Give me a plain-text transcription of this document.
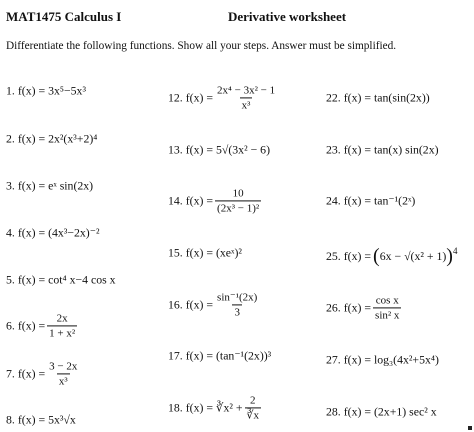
MAT1475 Calculus I	Derivative worksheet
Differentiate the following functions. Show all your steps. Answer must be simplified.
1. f(x) = 3x⁵−5x³
2. f(x) = 2x²(x³+2)⁴
3. f(x) = eˣ sin(2x)
4. f(x) = (4x³−2x)⁻²
5. f(x) = cot⁴ x−4 cos x
6. $f(x) = \frac{2x}{\text{1 + x²}}$
7. $f(x) = \frac{3 - 2x}{\text{x³}}$
8. f(x) = 5x³√x
12. $f(x) = \frac{\text{2x⁴ − 3x² − 1}}{\text{x³}}$
13. f(x) = 5√(3x² − 6)
14. $f(x) = \frac{10}{\text{(2x³ − 1)²}}$
15. f(x) = (xeˣ)²
16. $f(x) = \frac{\text{sin⁻¹(2x)}}{3}$
17. f(x) = (tan⁻¹(2x))³
18. f(x) = ∛x² + $\frac{2}{∛x}$
22. f(x) = tan(sin(2x))
23. f(x) = tan(x) sin(2x)
24. f(x) = tan⁻¹(2ˣ)
25. f(x) = ( 6x − √(x² + 1) )$^4$
26. $f(x) = \frac{\text{cos x}}{\text{sin² x}}$
27. f(x) = log₃(4x²+5x⁴)
28. f(x) = (2x+1) sec² x
